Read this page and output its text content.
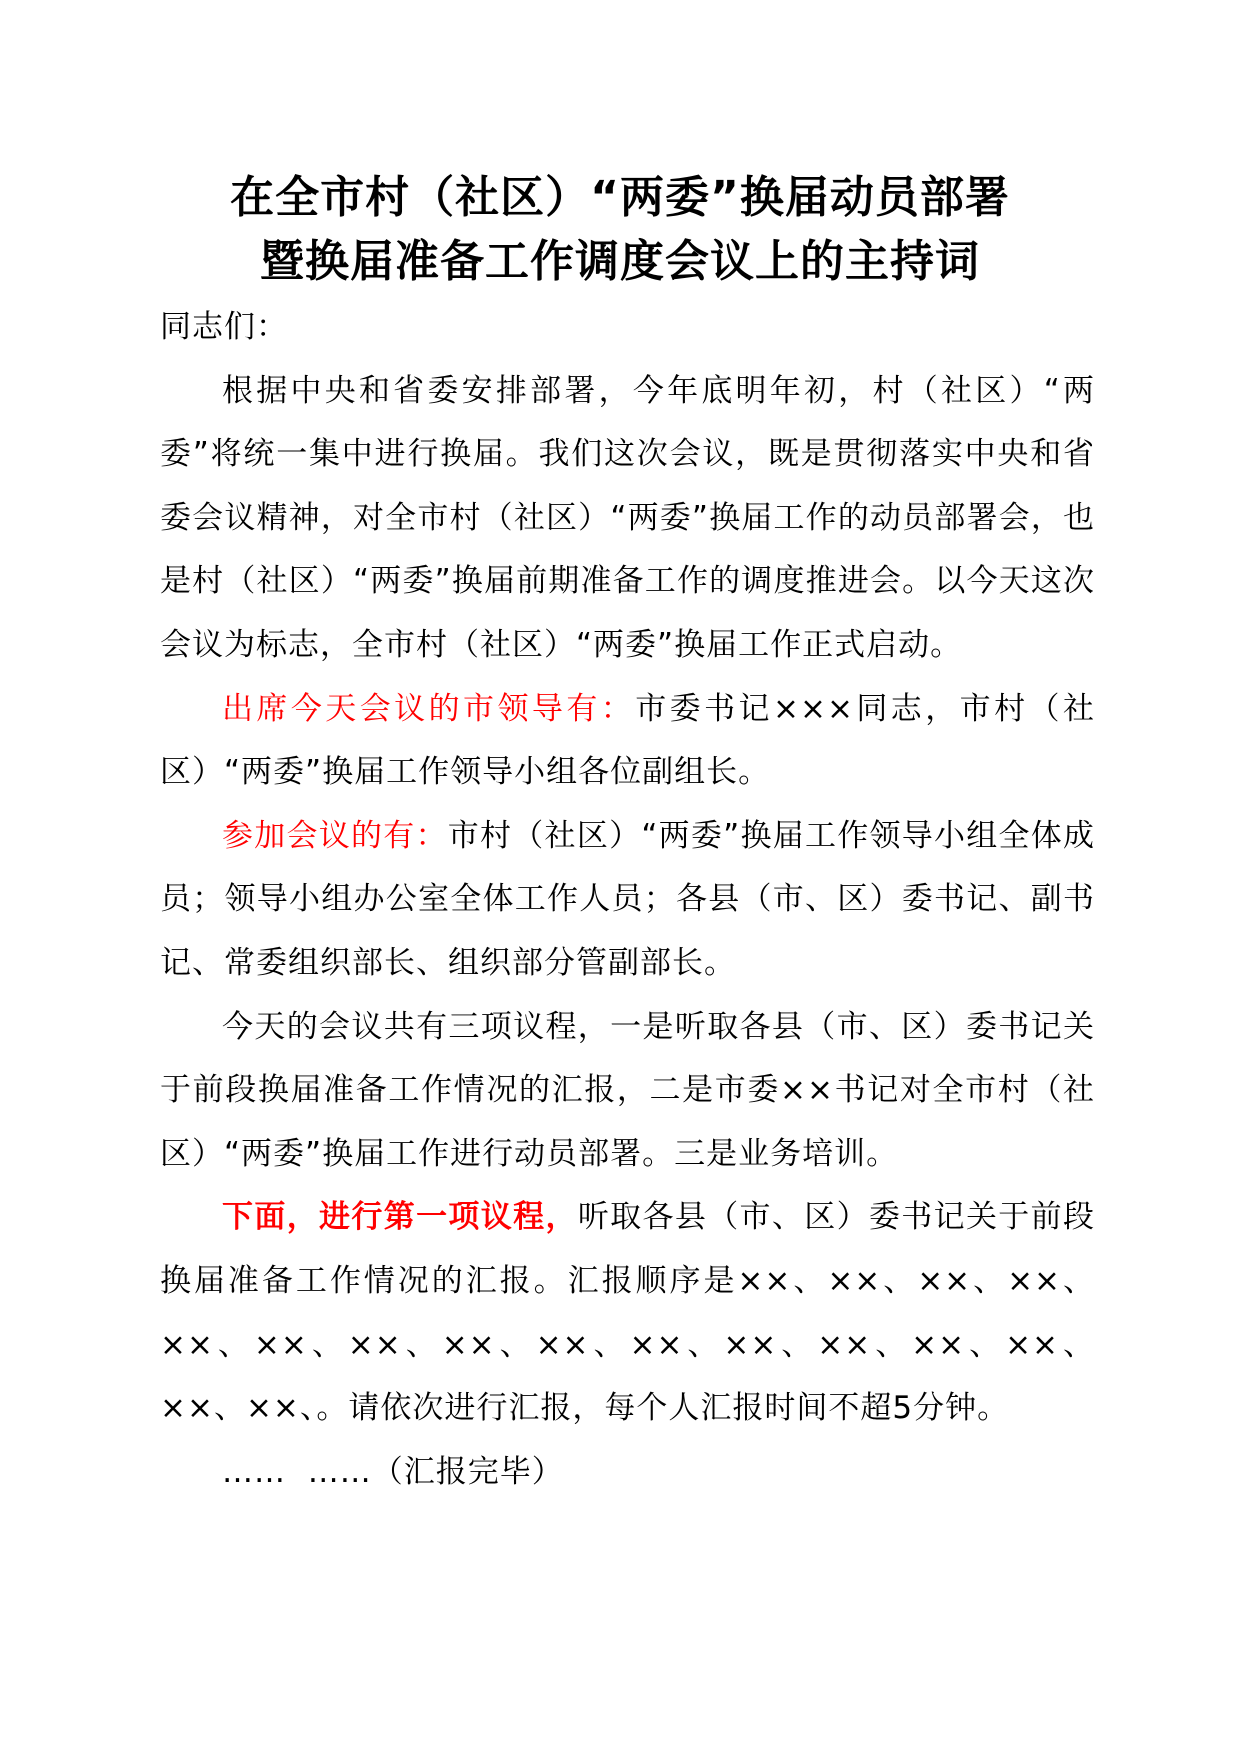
在全市村（社区）“两委”换届动员部署
暨换届准备工作调度会议上的主持词

同志们：

根据中央和省委安排部署，今年底明年初，村（社区）“两委”将统一集中进行换届。我们这次会议，既是贯彻落实中央和省委会议精神，对全市村（社区）“两委”换届工作的动员部署会，也是村（社区）“两委”换届前期准备工作的调度推进会。以今天这次会议为标志，全市村（社区）“两委”换届工作正式启动。

出席今天会议的市领导有：市委书记×××同志，市村（社区）“两委”换届工作领导小组各位副组长。

参加会议的有：市村（社区）“两委”换届工作领导小组全体成员；领导小组办公室全体工作人员；各县（市、区）委书记、副书记、常委组织部长、组织部分管副部长。

今天的会议共有三项议程，一是听取各县（市、区）委书记关于前段换届准备工作情况的汇报，二是市委××书记对全市村（社区）“两委”换届工作进行动员部署。三是业务培训。

下面，进行第一项议程，听取各县（市、区）委书记关于前段换届准备工作情况的汇报。汇报顺序是××、××、××、××、××、××、××、××、××、××、××、××、××、××、××、××、。请依次进行汇报，每个人汇报时间不超5分钟。

……  ……（汇报完毕）
